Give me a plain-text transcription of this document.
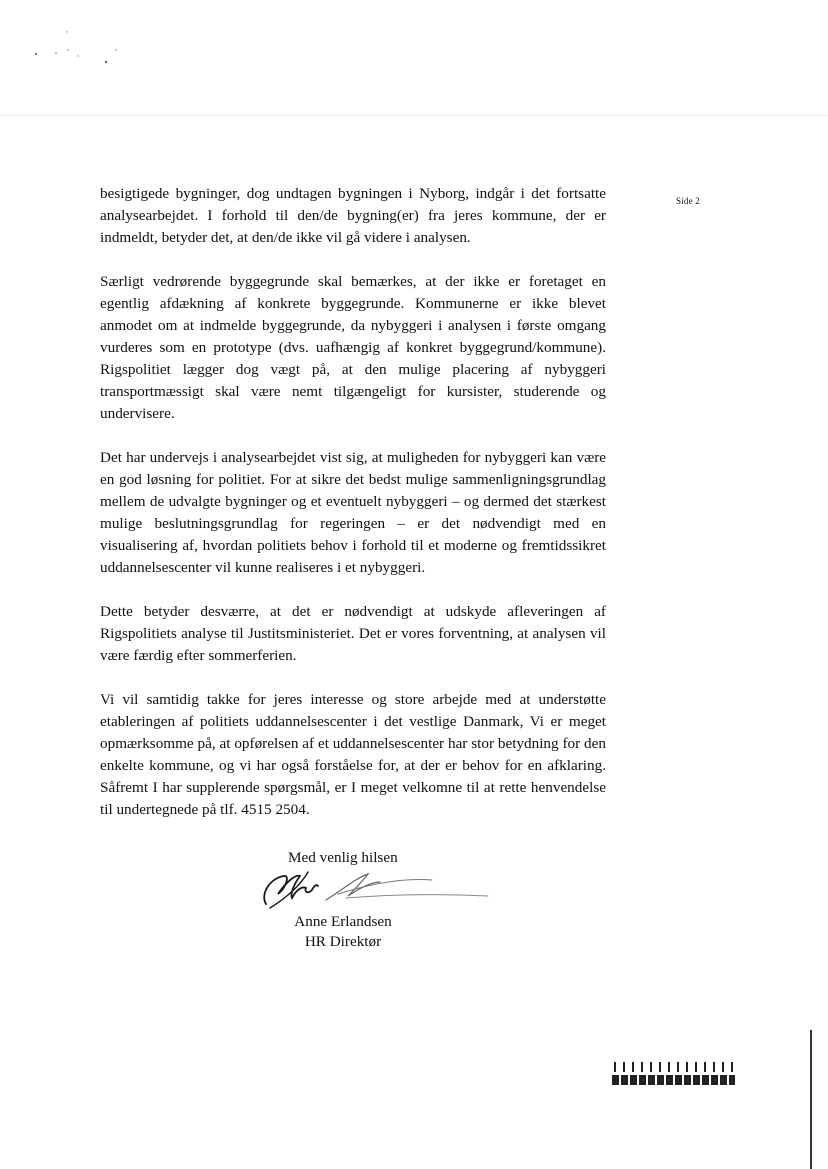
Side 2

besigtigede bygninger, dog undtagen bygningen i Nyborg, indgår i det fortsatte analysearbejdet. I forhold til den/de bygning(er) fra jeres kommune, der er indmeldt, betyder det, at den/de ikke vil gå videre i analysen.

Særligt vedrørende byggegrunde skal bemærkes, at der ikke er foretaget en egentlig afdækning af konkrete byggegrunde. Kommunerne er ikke blevet anmodet om at indmelde byggegrunde, da nybyggeri i analysen i første omgang vurderes som en prototype (dvs. uafhængig af konkret byggegrund/kommune). Rigspolitiet lægger dog vægt på, at den mulige placering af nybyggeri transportmæssigt skal være nemt tilgængeligt for kursister, studerende og undervisere.

Det har undervejs i analysearbejdet vist sig, at muligheden for nybyggeri kan være en god løsning for politiet. For at sikre det bedst mulige sammenligningsgrundlag mellem de udvalgte bygninger og et eventuelt nybyggeri – og dermed det stærkest mulige beslutningsgrundlag for regeringen – er det nødvendigt med en visualisering af, hvordan politiets behov i forhold til et moderne og fremtidssikret uddannelsescenter vil kunne realiseres i et nybyggeri.

Dette betyder desværre, at det er nødvendigt at udskyde afleveringen af Rigspolitiets analyse til Justitsministeriet. Det er vores forventning, at analysen vil være færdig efter sommerferien.

Vi vil samtidig takke for jeres interesse og store arbejde med at understøtte etableringen af politiets uddannelsescenter i det vestlige Danmark, Vi er meget opmærksomme på, at opførelsen af et uddannelsescenter har stor betydning for den enkelte kommune, og vi har også forståelse for, at der er behov for en afklaring. Såfremt I har supplerende spørgsmål, er I meget velkomne til at rette henvendelse til undertegnede på tlf. 4515 2504.

Med venlig hilsen
Anne Erlandsen
HR Direktør
